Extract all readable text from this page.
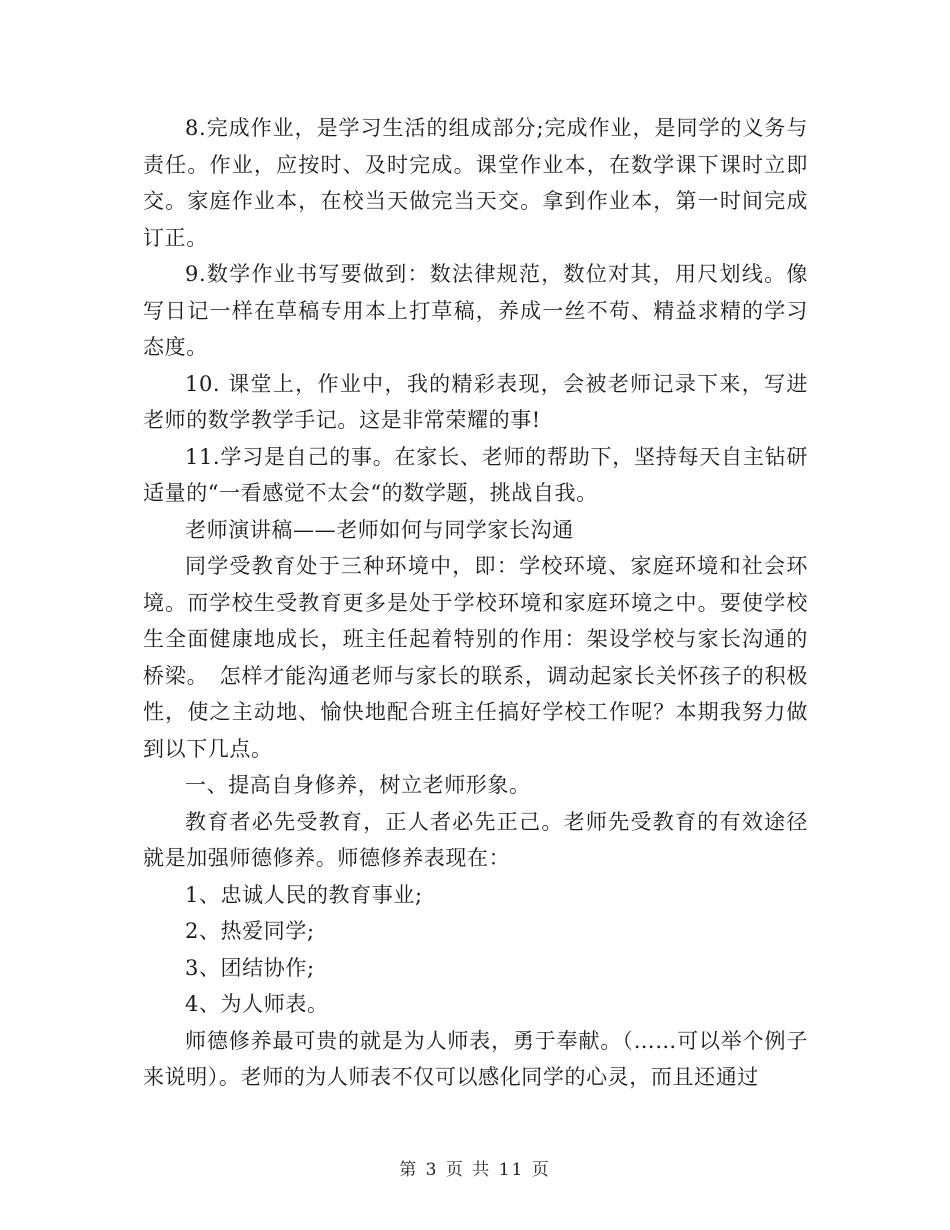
8.完成作业，是学习生活的组成部分;完成作业，是同学的义务与责任。作业，应按时、及时完成。课堂作业本，在数学课下课时立即交。家庭作业本，在校当天做完当天交。拿到作业本，第一时间完成订正。

9.数学作业书写要做到：数法律规范，数位对其，用尺划线。像写日记一样在草稿专用本上打草稿，养成一丝不苟、精益求精的学习态度。

10. 课堂上，作业中，我的精彩表现，会被老师记录下来，写进老师的数学教学手记。这是非常荣耀的事!

11.学习是自己的事。在家长、老师的帮助下，坚持每天自主钻研适量的“一看感觉不太会“的数学题，挑战自我。

老师演讲稿——老师如何与同学家长沟通

同学受教育处于三种环境中，即：学校环境、家庭环境和社会环境。而学校生受教育更多是处于学校环境和家庭环境之中。要使学校生全面健康地成长，班主任起着特别的作用：架设学校与家长沟通的桥梁。　怎样才能沟通老师与家长的联系，调动起家长关怀孩子的积极性，使之主动地、愉快地配合班主任搞好学校工作呢？本期我努力做到以下几点。

一、提高自身修养，树立老师形象。

教育者必先受教育，正人者必先正己。老师先受教育的有效途径就是加强师德修养。师德修养表现在：

1、忠诚人民的教育事业;

2、热爱同学;

3、团结协作;

4、为人师表。

师德修养最可贵的就是为人师表，勇于奉献。（……可以举个例子来说明）。老师的为人师表不仅可以感化同学的心灵，而且还通过

第 3 页 共 11 页
